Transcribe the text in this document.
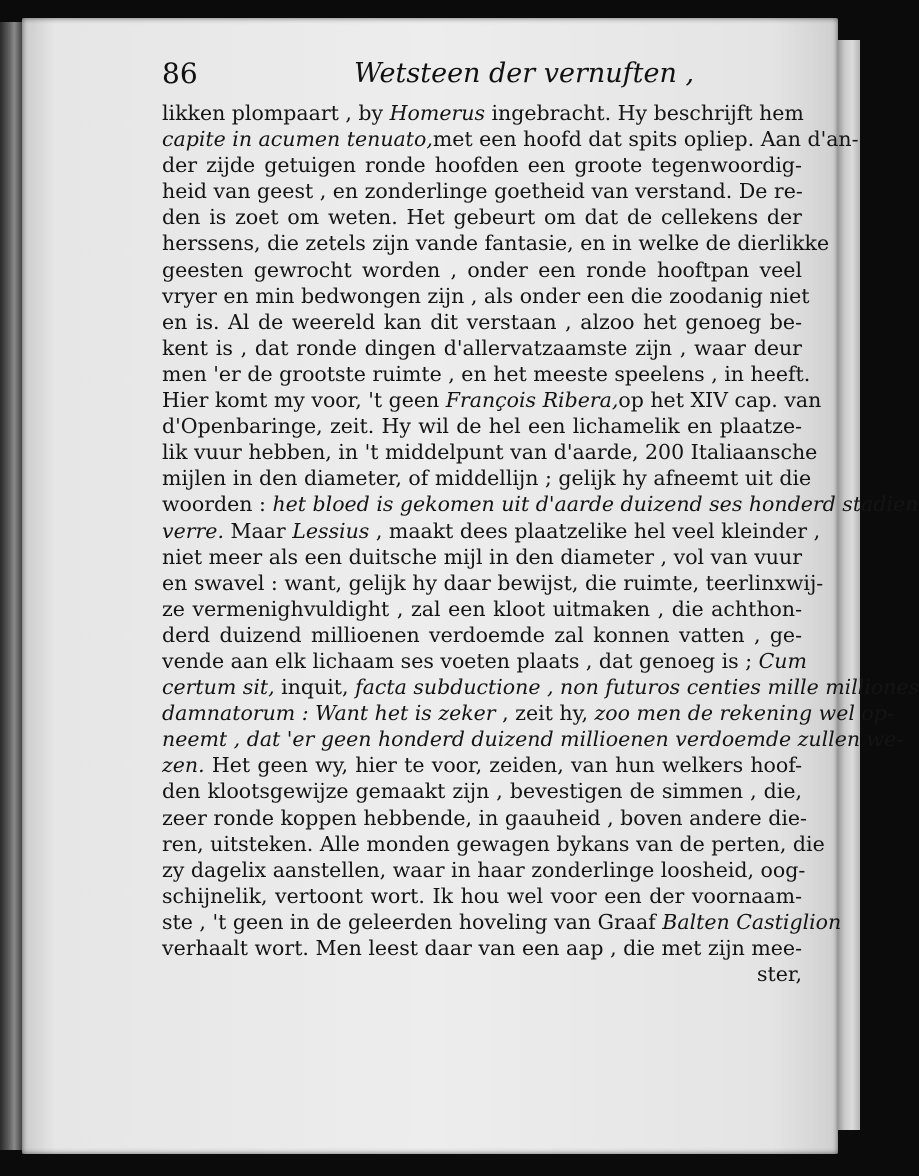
86	Wetsteen der vernuften ,
likken plompaart , by Homerus ingebracht. Hy beschrijft hem
capite in acumen tenuato,met een hoofd dat spits opliep. Aan d'an-
der zijde getuigen ronde hoofden een groote tegenwoordig-
heid van geest , en zonderlinge goetheid van verstand. De re-
den is zoet om weten. Het gebeurt om dat de cellekens der
herssens, die zetels zijn vande fantasie, en in welke de dierlikke
geesten gewrocht worden , onder een ronde hooftpan veel
vryer en min bedwongen zijn , als onder een die zoodanig niet
en is. Al de weereld kan dit verstaan , alzoo het genoeg be-
kent is , dat ronde dingen d'allervatzaamste zijn , waar deur
men 'er de grootste ruimte , en het meeste speelens , in heeft.
Hier komt my voor, 't geen François Ribera,op het XIV cap. van
d'Openbaringe, zeit. Hy wil de hel een lichamelik en plaatze-
lik vuur hebben, in 't middelpunt van d'aarde, 200 Italiaansche
mijlen in den diameter, of middellijn ; gelijk hy afneemt uit die
woorden : het bloed is gekomen uit d'aarde duizend ses honderd stadien
verre. Maar Lessius , maakt dees plaatzelike hel veel kleinder ,
niet meer als een duitsche mijl in den diameter , vol van vuur
en swavel : want, gelijk hy daar bewijst, die ruimte, teerlinxwij-
ze vermenighvuldight , zal een kloot uitmaken , die achthon-
derd duizend millioenen verdoemde zal konnen vatten , ge-
vende aan elk lichaam ses voeten plaats , dat genoeg is ; Cum
certum sit, inquit, facta subductione , non futuros centies mille milliones
damnatorum : Want het is zeker , zeit hy, zoo men de rekening wel op-
neemt , dat 'er geen honderd duizend millioenen verdoemde zullen we-
zen. Het geen wy, hier te voor, zeiden, van hun welkers hoof-
den klootsgewijze gemaakt zijn , bevestigen de simmen , die,
zeer ronde koppen hebbende, in gaauheid , boven andere die-
ren, uitsteken. Alle monden gewagen bykans van de perten, die
zy dagelix aanstellen, waar in haar zonderlinge loosheid, oog-
schijnelik, vertoont wort. Ik hou wel voor een der voornaam-
ste , 't geen in de geleerden hoveling van Graaf Balten Castiglion
verhaalt wort. Men leest daar van een aap , die met zijn mee-
ster,
